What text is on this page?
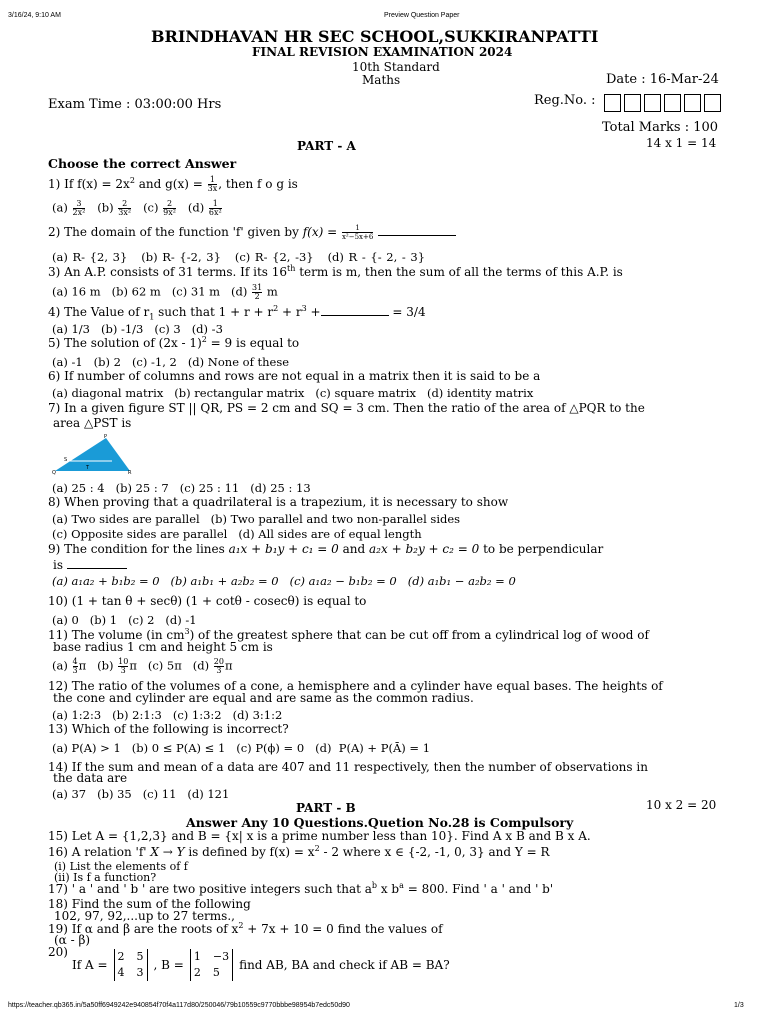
3/16/24, 9:10 AM	Preview Question Paper
https://teacher.qb365.in/5a50ff6949242e940854f70f4a117d80/250046/79b10559c9770bbbe98954b7edc50d90	1/3
BRINDHAVAN HR SEC SCHOOL,SUKKIRANPATTI
FINAL REVISION EXAMINATION 2024
10th Standard
Maths	Date : 16-Mar-24
Exam Time : 03:00:00 Hrs	Reg.No. :
Total Marks : 100
PART - A	14 x 1 = 14
Choose the correct Answer
1) If $f(x) = 2x^2$ and $g(x) = \frac{1}{3x}$ , then f o g is
$(a) \frac{3}{\text{2x²}} (b) \frac{2}{\text{3x²}} (c) \frac{2}{\text{9x²}} (d) \frac{1}{\text{6x²}}$
2) The domain of the function 'f' given by $f(x) = \frac{1}{\text{x²−5x+6}}$

(a) R- {2, 3} (b) R- {-2, 3} (c) R- {2, -3} (d) R - {- 2, - 3}
3) An A.P. consists of 31 terms. If its 16th term is m, then the sum of all the terms of this A.P. is
(a) 16 m (b) 62 m (c) 31 m $(d) \frac{31}{2}$ m
4) The Value of $r_1$ such that $1 + r + r^2 + r^3$ +	= 3/4
(a) 1/3 (b) -1/3 (c) 3 (d) -3
5) The solution of (2x - 1)$^2$ = 9 is equal to
(a) -1 (b) 2 (c) -1, 2 (d) None of these
6) If number of columns and rows are not equal in a matrix then it is said to be a
(a) diagonal matrix (b) rectangular matrix (c) square matrix (d) identity matrix
7) In a given figure ST || QR, PS = 2 cm and SQ = 3 cm. Then the ratio of the area of △PQR to the
area △PST is
P
Q
S
T
R
(a) 25 : 4 (b) 25 : 7 (c) 25 : 11 (d) 25 : 13
8) When proving that a quadrilateral is a trapezium, it is necessary to show
(a) Two sides are parallel (b) Two parallel and two non-parallel sides
(c) Opposite sides are parallel (d) All sides are of equal length
9) The condition for the lines a₁x + b₁y + c₁ = 0 and a₂x + b₂y + c₂ = 0 to be perpendicular
is
(a) a₁a₂ + b₁b₂ = 0 (b) a₁b₁ + a₂b₂ = 0 (c) a₁a₂ − b₁b₂ = 0 (d) a₁b₁ − a₂b₂ = 0
10) (1 + tan θ + secθ) (1 + cotθ - cosecθ) is equal to
(a) 0 (b) 1 (c) 2 (d) -1
11) The volume (in $cm^3$) of the greatest sphere that can be cut off from a cylindrical log of wood of
base radius 1 cm and height 5 cm is
$(a) \frac{4}{3}$ π $(b) \frac{10}{3}$ π (c) 5π $(d) \frac{20}{3}$ π
12) The ratio of the volumes of a cone, a hemisphere and a cylinder have equal bases. The heights of
the cone and cylinder are equal and are same as the common radius.
(a) 1:2:3 (b) 2:1:3 (c) 1:3:2 (d) 3:1:2
13) Which of the following is incorrect?
(a) P(A) > 1 (b) 0 ≤ P(A) ≤ 1 (c) P(ϕ) = 0 (d) P(A) + P(Ā) = 1
14) If the sum and mean of a data are 407 and 11 respectively, then the number of observations in
the data are
(a) 37 (b) 35 (c) 11 (d) 121
PART - B	10 x 2 = 20
Answer Any 10 Questions.Quetion No.28 is Compulsory
15) Let A = {1,2,3} and B = {x| x is a prime number less than 10}. Find A x B and B x A.
16) A relation 'f' X → Y is defined by $f(x) = x^2 - 2$ where x ∈ {-2, -1, 0, 3} and Y = R
(i) List the elements of f
(ii) Is f a function?
17) ' a ' and ' b ' are two positive integers such that $a^b$ x $b^a = 800$. Find ' a ' and ' b'
18) Find the sum of the following
102, 97, 92,...up to 27 terms.,
19) If α and β are the roots of $x^2 + 7x + 10 = 0$ find the values of
(α - β)
20)
If A =
2 5
4 3
, B =
1 −3
2 5
find AB, BA and check if AB = BA?
